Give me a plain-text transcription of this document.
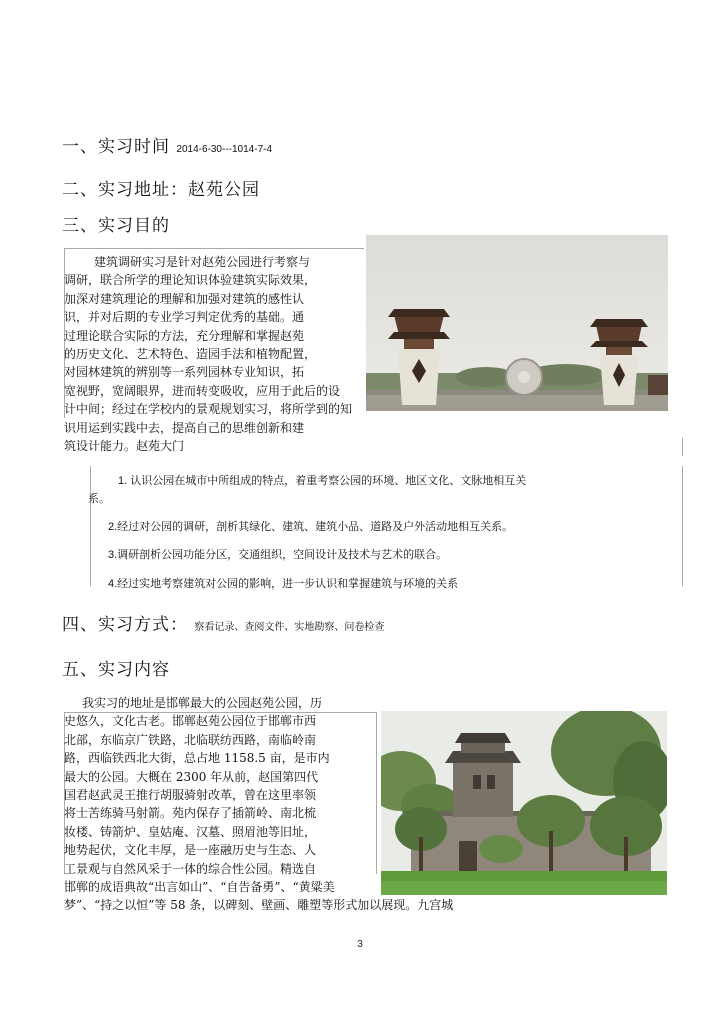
一、实习时间 2014-6-30---1014-7-4
二、实习地址：赵苑公园
三、实习目的
建筑调研实习是针对赵苑公园进行考察与
调研，联合所学的理论知识体验建筑实际效果，
加深对建筑理论的理解和加强对建筑的感性认
识，并对后期的专业学习判定优秀的基础。通
过理论联合实际的方法，充分理解和掌握赵苑
的历史文化、艺术特色、造园手法和植物配置，
对园林建筑的辨别等一系列园林专业知识，拓
宽视野，宽阔眼界，进而转变吸收，应用于此后的设
计中间；经过在学校内的景观规划实习，将所学到的知
识用运到实践中去，提高自己的思维创新和建
筑设计能力。赵苑大门
1. 认识公园在城市中所组成的特点，着重考察公园的环境、地区文化、文脉地相互关
系。
2.经过对公园的调研，剖析其绿化、建筑、建筑小品、道路及户外活动地相互关系。
3.调研剖析公园功能分区，交通组织，空间设计及技术与艺术的联合。
4.经过实地考察建筑对公园的影响，进一步认识和掌握建筑与环境的关系
四、实习方式： 察看记录、查阅文件、实地勘察、问卷检查
五、实习内容
我实习的地址是邯郸最大的公园赵苑公园，历
史悠久，文化古老。邯郸赵苑公园位于邯郸市西
北部，东临京广铁路，北临联纺西路，南临岭南
路，西临铁西北大街，总占地 1158.5 亩，是市内
最大的公园。大概在 2300 年从前，赵国第四代
国君赵武灵王推行胡服骑射改革，曾在这里率领
将士苦练骑马射箭。苑内保存了插箭岭、南北梳
妆楼、铸箭炉、皇姑庵、汉墓、照眉池等旧址，
地势起伏，文化丰厚，是一座融历史与生态、人
工景观与自然风采于一体的综合性公园。精选自
邯郸的成语典故“出言如山”、“自告备勇”、“黄粱美
梦”、“持之以恒”等 58 条，以碑刻、壁画、雕塑等形式加以展现。九宫城
3
